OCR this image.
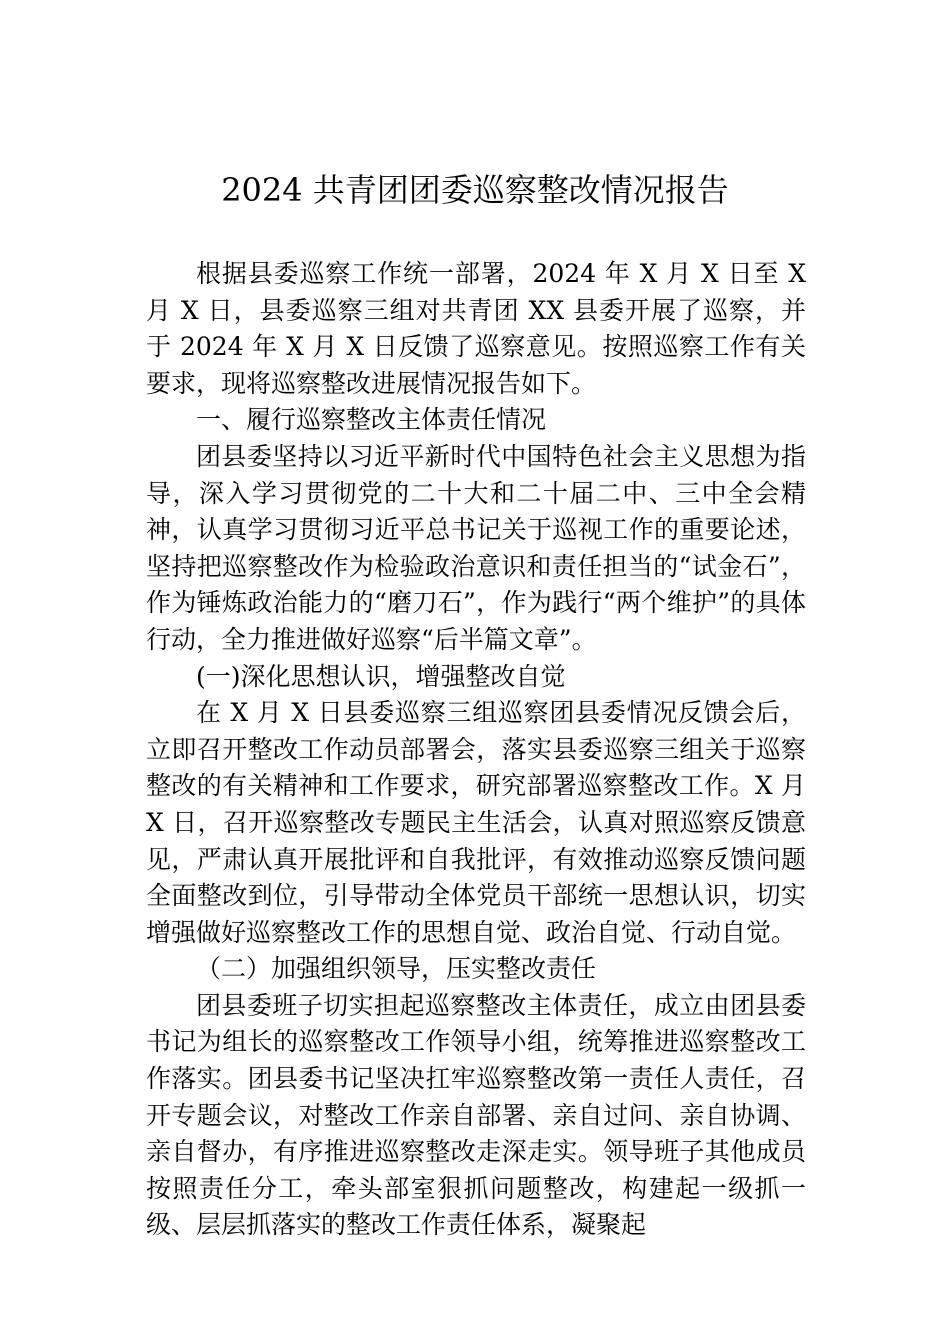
2024 共青团团委巡察整改情况报告

根据县委巡察工作统一部署，2024 年 X 月 X 日至 X 月 X 日，县委巡察三组对共青团 XX 县委开展了巡察，并于 2024 年 X 月 X 日反馈了巡察意见。按照巡察工作有关要求，现将巡察整改进展情况报告如下。

一、履行巡察整改主体责任情况

团县委坚持以习近平新时代中国特色社会主义思想为指导，深入学习贯彻党的二十大和二十届二中、三中全会精神，认真学习贯彻习近平总书记关于巡视工作的重要论述，坚持把巡察整改作为检验政治意识和责任担当的“试金石”，作为锤炼政治能力的“磨刀石”，作为践行“两个维护”的具体行动，全力推进做好巡察“后半篇文章”。

(一)深化思想认识，增强整改自觉

在 X 月 X 日县委巡察三组巡察团县委情况反馈会后，立即召开整改工作动员部署会，落实县委巡察三组关于巡察整改的有关精神和工作要求，研究部署巡察整改工作。X 月 X 日，召开巡察整改专题民主生活会，认真对照巡察反馈意见，严肃认真开展批评和自我批评，有效推动巡察反馈问题全面整改到位，引导带动全体党员干部统一思想认识，切实增强做好巡察整改工作的思想自觉、政治自觉、行动自觉。

（二）加强组织领导，压实整改责任

团县委班子切实担起巡察整改主体责任，成立由团县委书记为组长的巡察整改工作领导小组，统筹推进巡察整改工作落实。团县委书记坚决扛牢巡察整改第一责任人责任，召开专题会议，对整改工作亲自部署、亲自过问、亲自协调、亲自督办，有序推进巡察整改走深走实。领导班子其他成员按照责任分工，牵头部室狠抓问题整改，构建起一级抓一级、层层抓落实的整改工作责任体系，凝聚起
